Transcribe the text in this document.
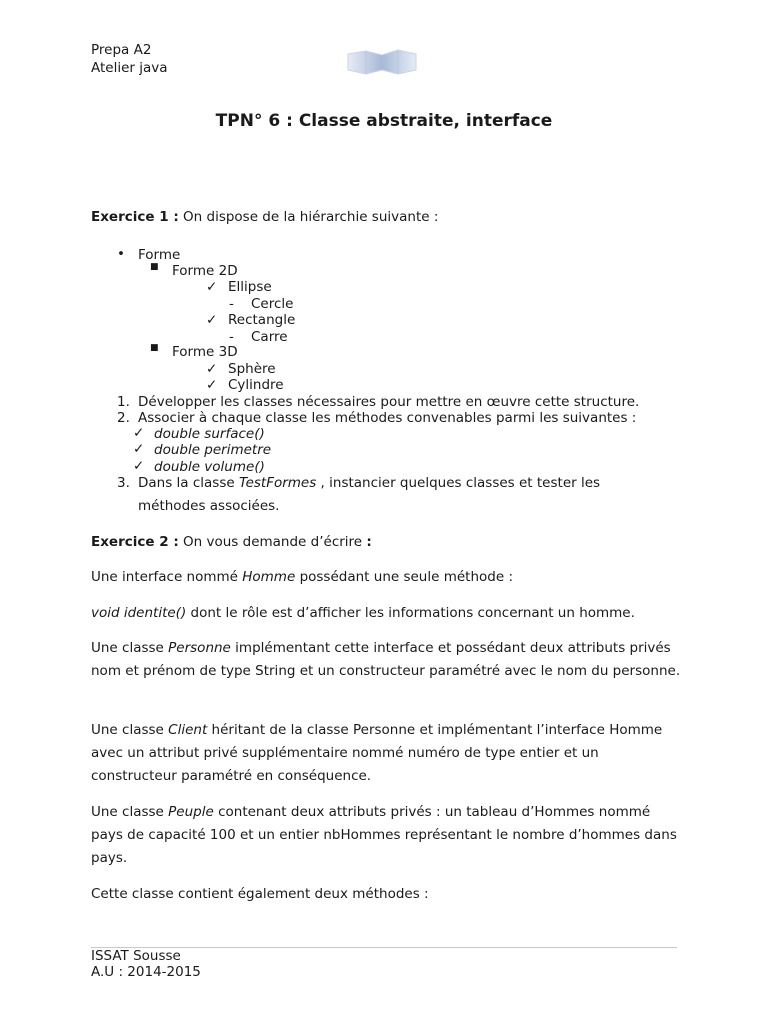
Prepa A2
Atelier java
TPN° 6 : Classe abstraite, interface
Exercice 1 : On dispose de la hiérarchie suivante :
• Forme
■ Forme 2D
✓ Ellipse
- Cercle
✓ Rectangle
- Carre
■ Forme 3D
✓ Sphère
✓ Cylindre
1. Développer les classes nécessaires pour mettre en œuvre cette structure.
2. Associer à chaque classe les méthodes convenables parmi les suivantes :
✓ double surface()
✓ double perimetre
✓ double volume()
3. Dans la classe TestFormes , instancier quelques classes et tester les
méthodes associées.
Exercice 2 : On vous demande d’écrire :
Une interface nommé Homme possédant une seule méthode :
void identite() dont le rôle est d’afficher les informations concernant un homme.
Une classe Personne implémentant cette interface et possédant deux attributs privés nom et prénom de type String et un constructeur paramétré avec le nom du personne.
Une classe Client héritant de la classe Personne et implémentant l’interface Homme avec un attribut privé supplémentaire nommé numéro de type entier et un constructeur paramétré en conséquence.
Une classe Peuple contenant deux attributs privés : un tableau d’Hommes nommé pays de capacité 100 et un entier nbHommes représentant le nombre d’hommes dans pays.
Cette classe contient également deux méthodes :
ISSAT Sousse
A.U : 2014-2015
